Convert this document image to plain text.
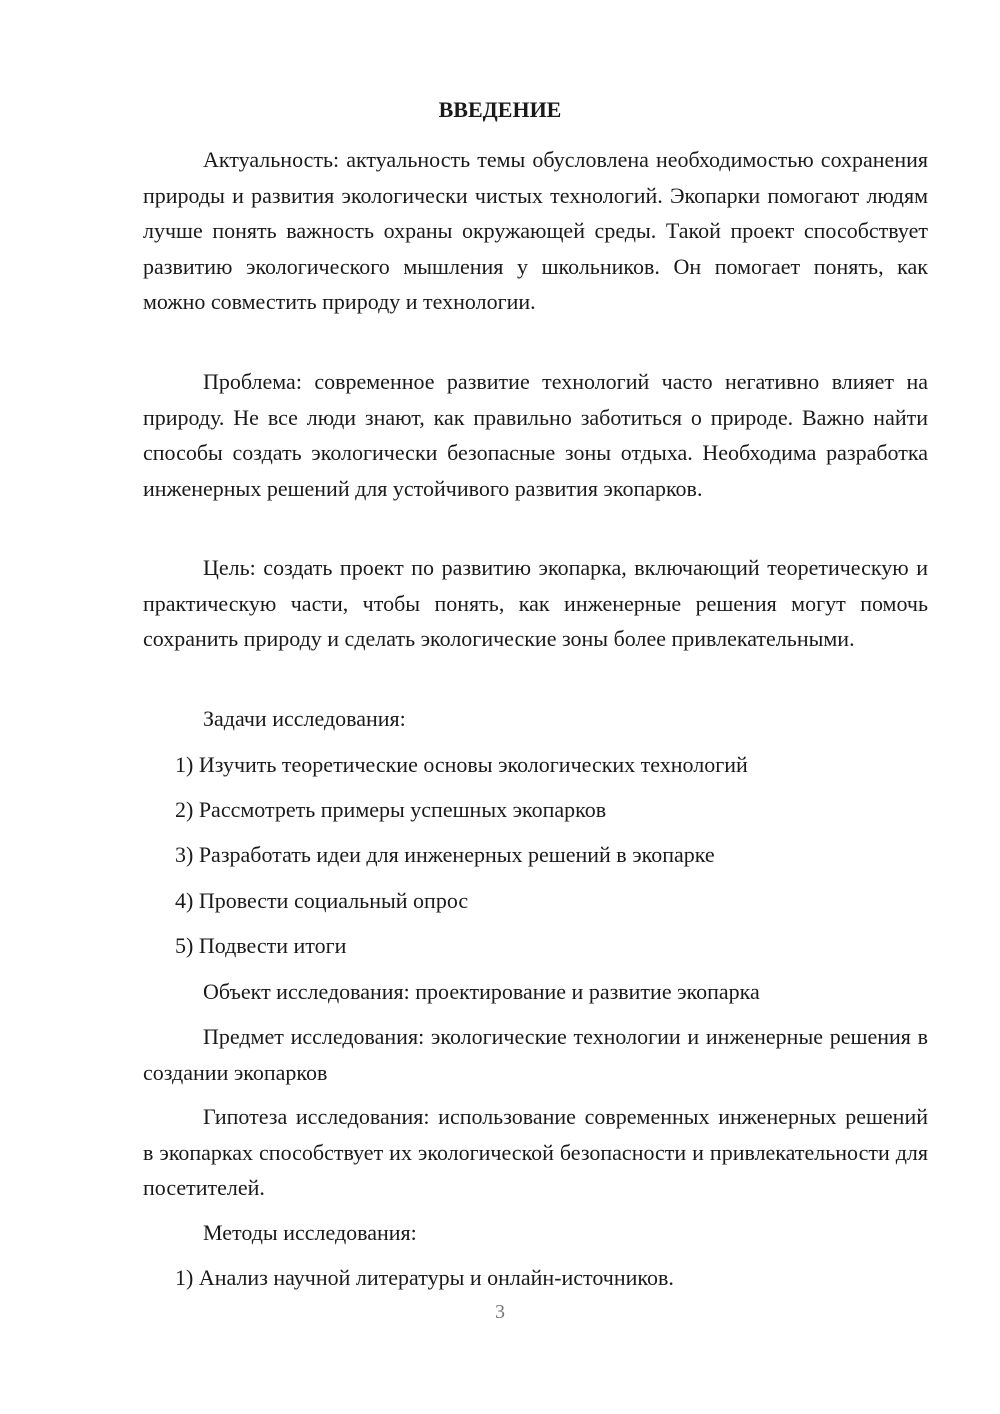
ВВЕДЕНИЕ

Актуальность: актуальность темы обусловлена необходимостью сохранения природы и развития экологически чистых технологий. Экопарки помогают людям лучше понять важность охраны окружающей среды. Такой проект способствует развитию экологического мышления у школьников. Он помогает понять, как можно совместить природу и технологии.

Проблема: современное развитие технологий часто негативно влияет на природу. Не все люди знают, как правильно заботиться о природе. Важно найти способы создать экологически безопасные зоны отдыха. Необходима разработка инженерных решений для устойчивого развития экопарков.

Цель: создать проект по развитию экопарка, включающий теоретическую и практическую части, чтобы понять, как инженерные решения могут помочь сохранить природу и сделать экологические зоны более привлекательными.

Задачи исследования:

1) Изучить теоретические основы экологических технологий

2) Рассмотреть примеры успешных экопарков

3) Разработать идеи для инженерных решений в экопарке

4) Провести социальный опрос

5) Подвести итоги

Объект исследования: проектирование и развитие экопарка

Предмет исследования: экологические технологии и инженерные решения в создании экопарков

Гипотеза исследования: использование современных инженерных решений в экопарках способствует их экологической безопасности и привлекательности для посетителей.

Методы исследования:

1) Анализ научной литературы и онлайн-источников.

3
